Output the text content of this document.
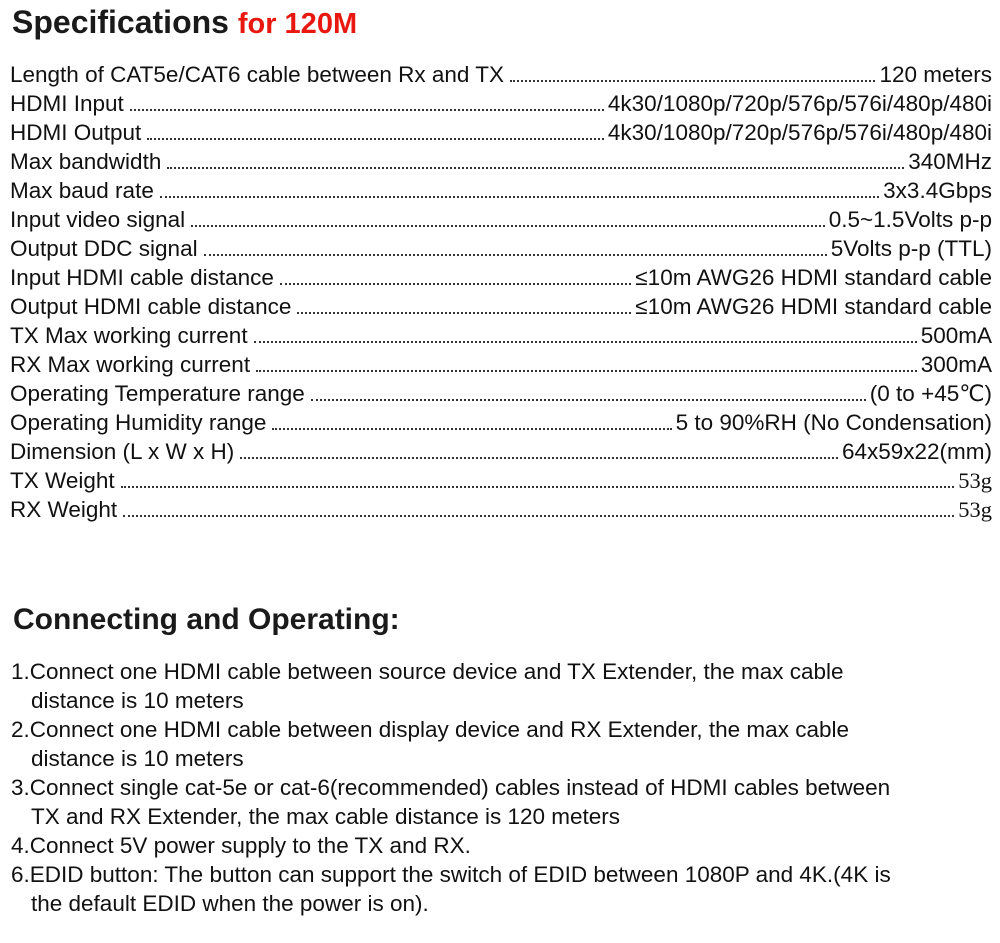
Specifications for 120M
Length of CAT5e/CAT6 cable between Rx and TX	120 meters
HDMI Input	4k30/1080p/720p/576p/576i/480p/480i
HDMI Output	4k30/1080p/720p/576p/576i/480p/480i
Max bandwidth	340MHz
Max baud rate	3x3.4Gbps
Input video signal	0.5~1.5Volts p-p
Output DDC signal	5Volts p-p (TTL)
Input HDMI cable distance	≤10m AWG26 HDMI standard cable
Output HDMI cable distance	≤10m AWG26 HDMI standard cable
TX Max working current	500mA
RX Max working current	300mA
Operating Temperature range	(0 to +45℃)
Operating Humidity range	5 to 90%RH (No Condensation)
Dimension (L x W x H)	64x59x22(mm)
TX Weight	53g
RX Weight	53g
Connecting and Operating:
1.Connect one HDMI cable between source device and TX Extender, the max cable
distance is 10 meters
2.Connect one HDMI cable between display device and RX Extender, the max cable
distance is 10 meters
3.Connect single cat-5e or cat-6(recommended) cables instead of HDMI cables between
TX and RX Extender, the max cable distance is 120 meters
4.Connect 5V power supply to the TX and RX.
6.EDID button: The button can support the switch of EDID between 1080P and 4K.(4K is
the default EDID when the power is on).
